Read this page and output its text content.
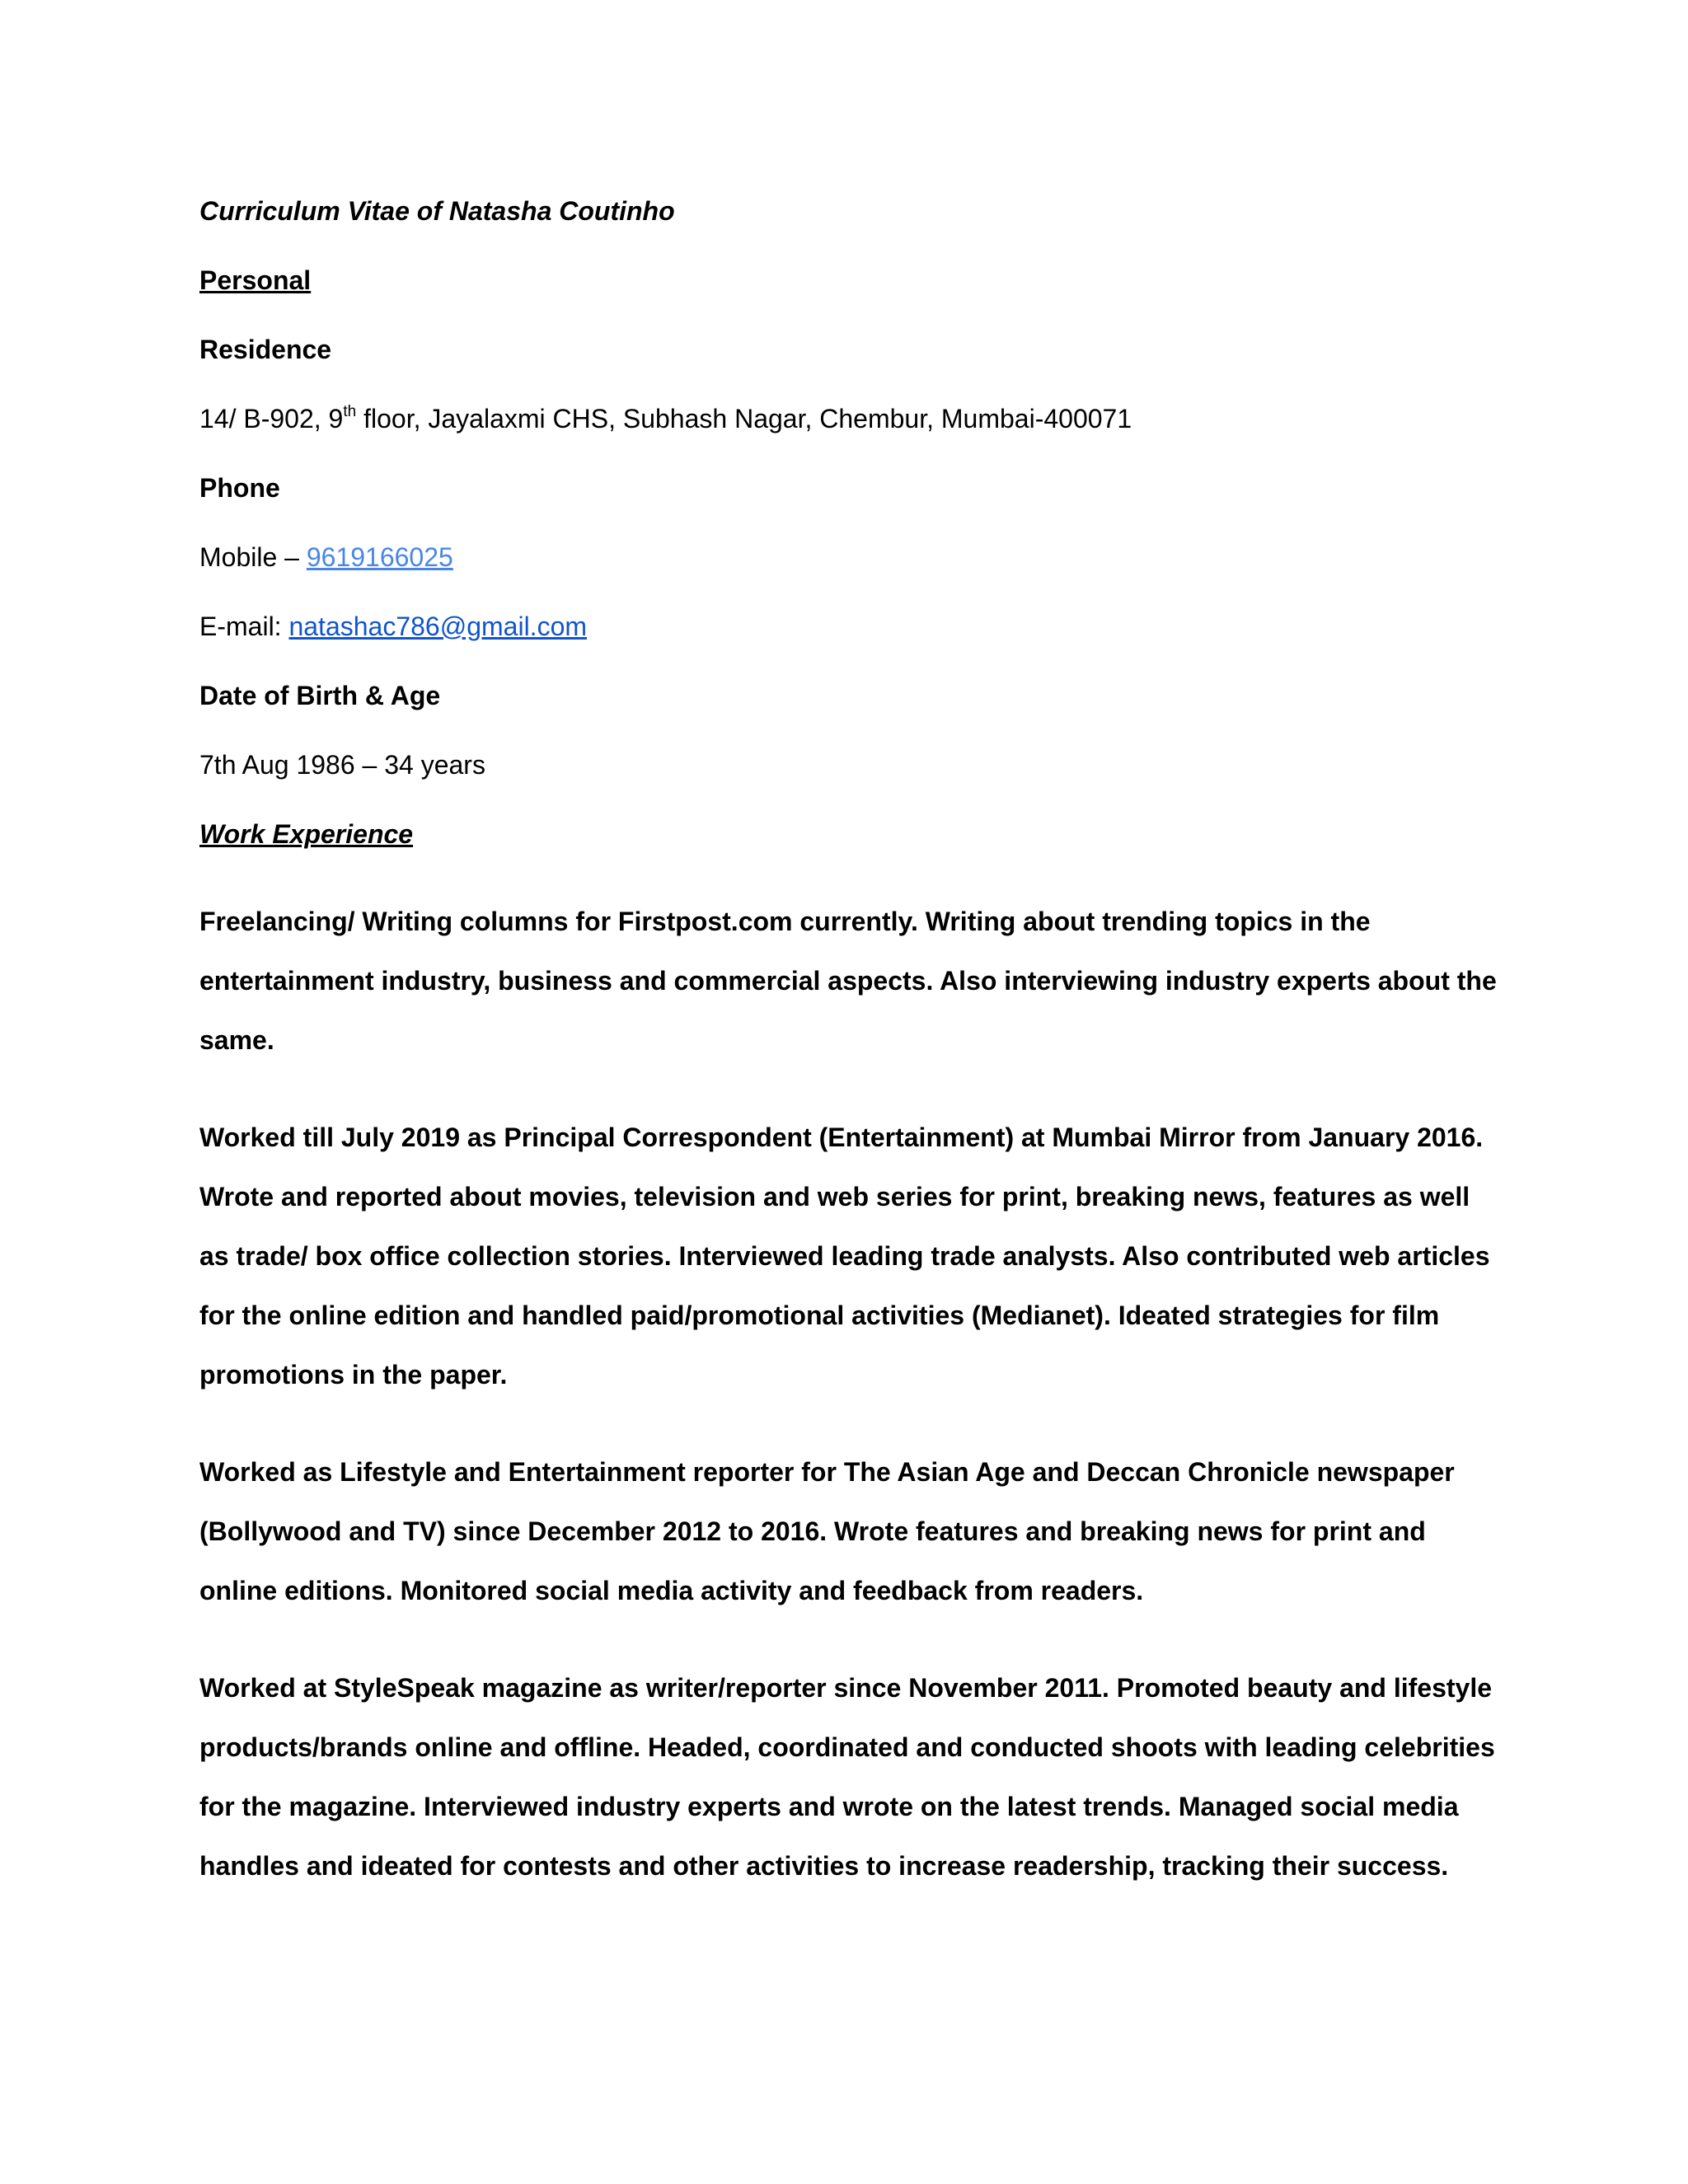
Curriculum Vitae of Natasha Coutinho

Personal

Residence

14/ B-902, 9th floor, Jayalaxmi CHS, Subhash Nagar, Chembur, Mumbai-400071

Phone

Mobile – 9619166025

E-mail: natashac786@gmail.com

Date of Birth & Age

7th Aug 1986 – 34 years

Work Experience

Freelancing/ Writing columns for Firstpost.com currently. Writing about trending topics in the entertainment industry, business and commercial aspects. Also interviewing industry experts about the same.

Worked till July 2019 as Principal Correspondent (Entertainment) at Mumbai Mirror from January 2016. Wrote and reported about movies, television and web series for print, breaking news, features as well as trade/ box office collection stories. Interviewed leading trade analysts. Also contributed web articles for the online edition and handled paid/promotional activities (Medianet). Ideated strategies for film promotions in the paper.

Worked as Lifestyle and Entertainment reporter for The Asian Age and Deccan Chronicle newspaper (Bollywood and TV) since December 2012 to 2016. Wrote features and breaking news for print and online editions. Monitored social media activity and feedback from readers.

Worked at StyleSpeak magazine as writer/reporter since November 2011. Promoted beauty and lifestyle products/brands online and offline. Headed, coordinated and conducted shoots with leading celebrities for the magazine. Interviewed industry experts and wrote on the latest trends. Managed social media handles and ideated for contests and other activities to increase readership, tracking their success.
